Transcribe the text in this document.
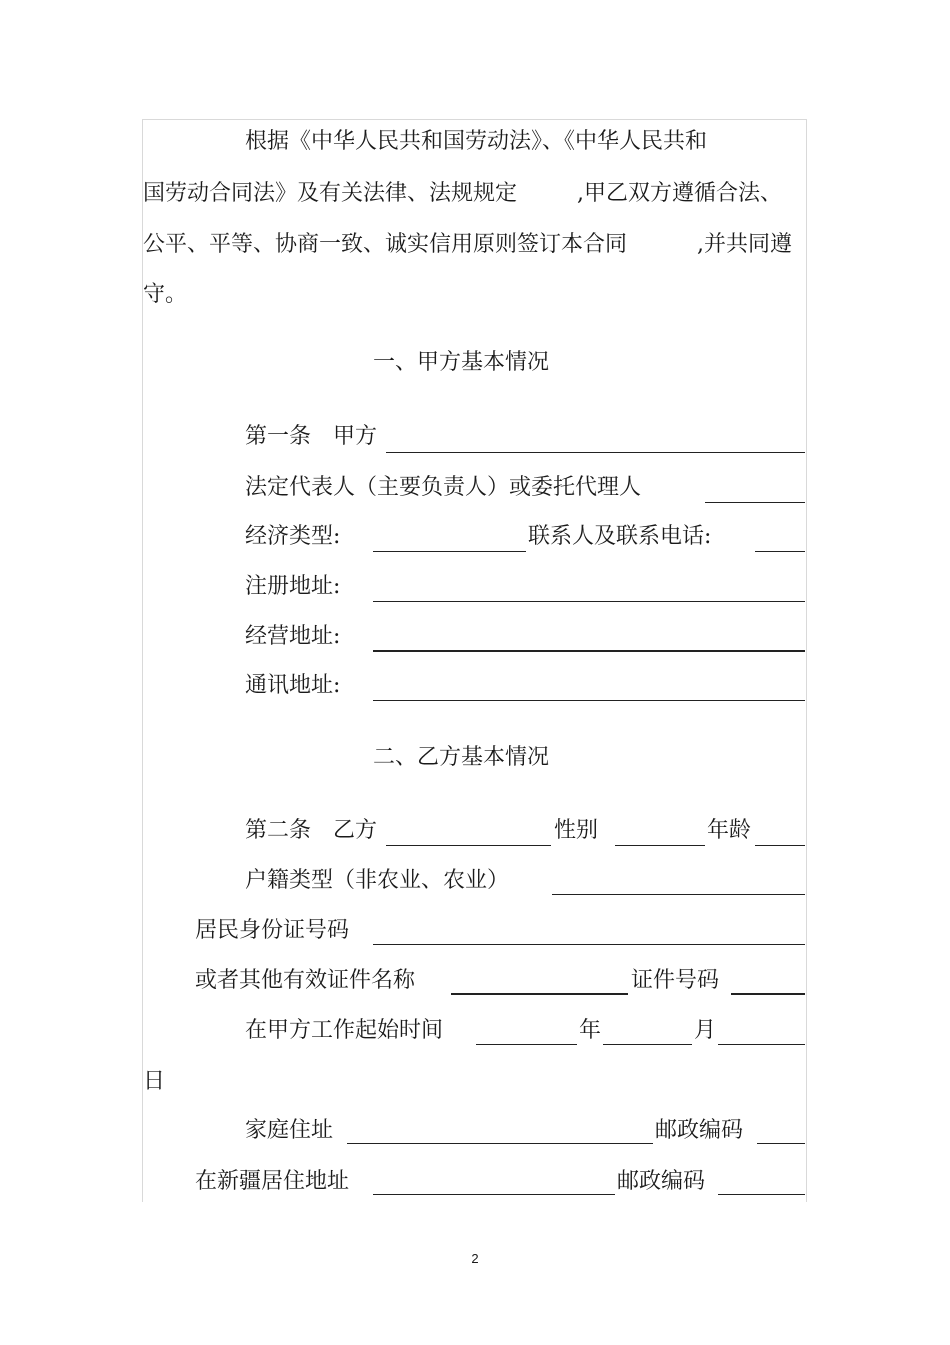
根据《中华人民共和国劳动法》、《中华人民共和
国劳动合同法》及有关法律、法规规定	,甲乙双方遵循合法、
公平、平等、协商一致、诚实信用原则签订本合同	,并共同遵
守。
一、甲方基本情况
第一条　甲方
法定代表人（主要负责人）或委托代理人
经济类型:	联系人及联系电话:
注册地址:
经营地址:
通讯地址:
二、乙方基本情况
第二条　乙方	性别	年龄
户籍类型（非农业、农业）
居民身份证号码
或者其他有效证件名称	证件号码
在甲方工作起始时间	年	月
日
家庭住址	邮政编码
在新疆居住地址	邮政编码
2
